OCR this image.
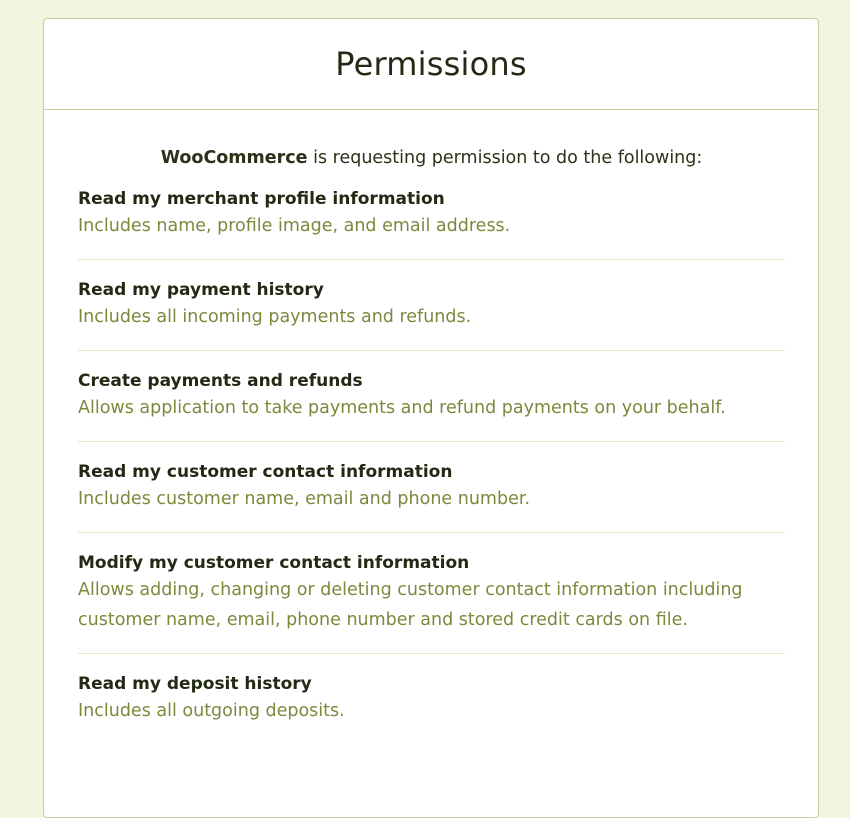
Permissions

WooCommerce is requesting permission to do the following:

Read my merchant profile information
Includes name, profile image, and email address.
Read my payment history
Includes all incoming payments and refunds.
Create payments and refunds
Allows application to take payments and refund payments on your behalf.
Read my customer contact information
Includes customer name, email and phone number.
Modify my customer contact information
Allows adding, changing or deleting customer contact information including customer name, email, phone number and stored credit cards on file.
Read my deposit history
Includes all outgoing deposits.
